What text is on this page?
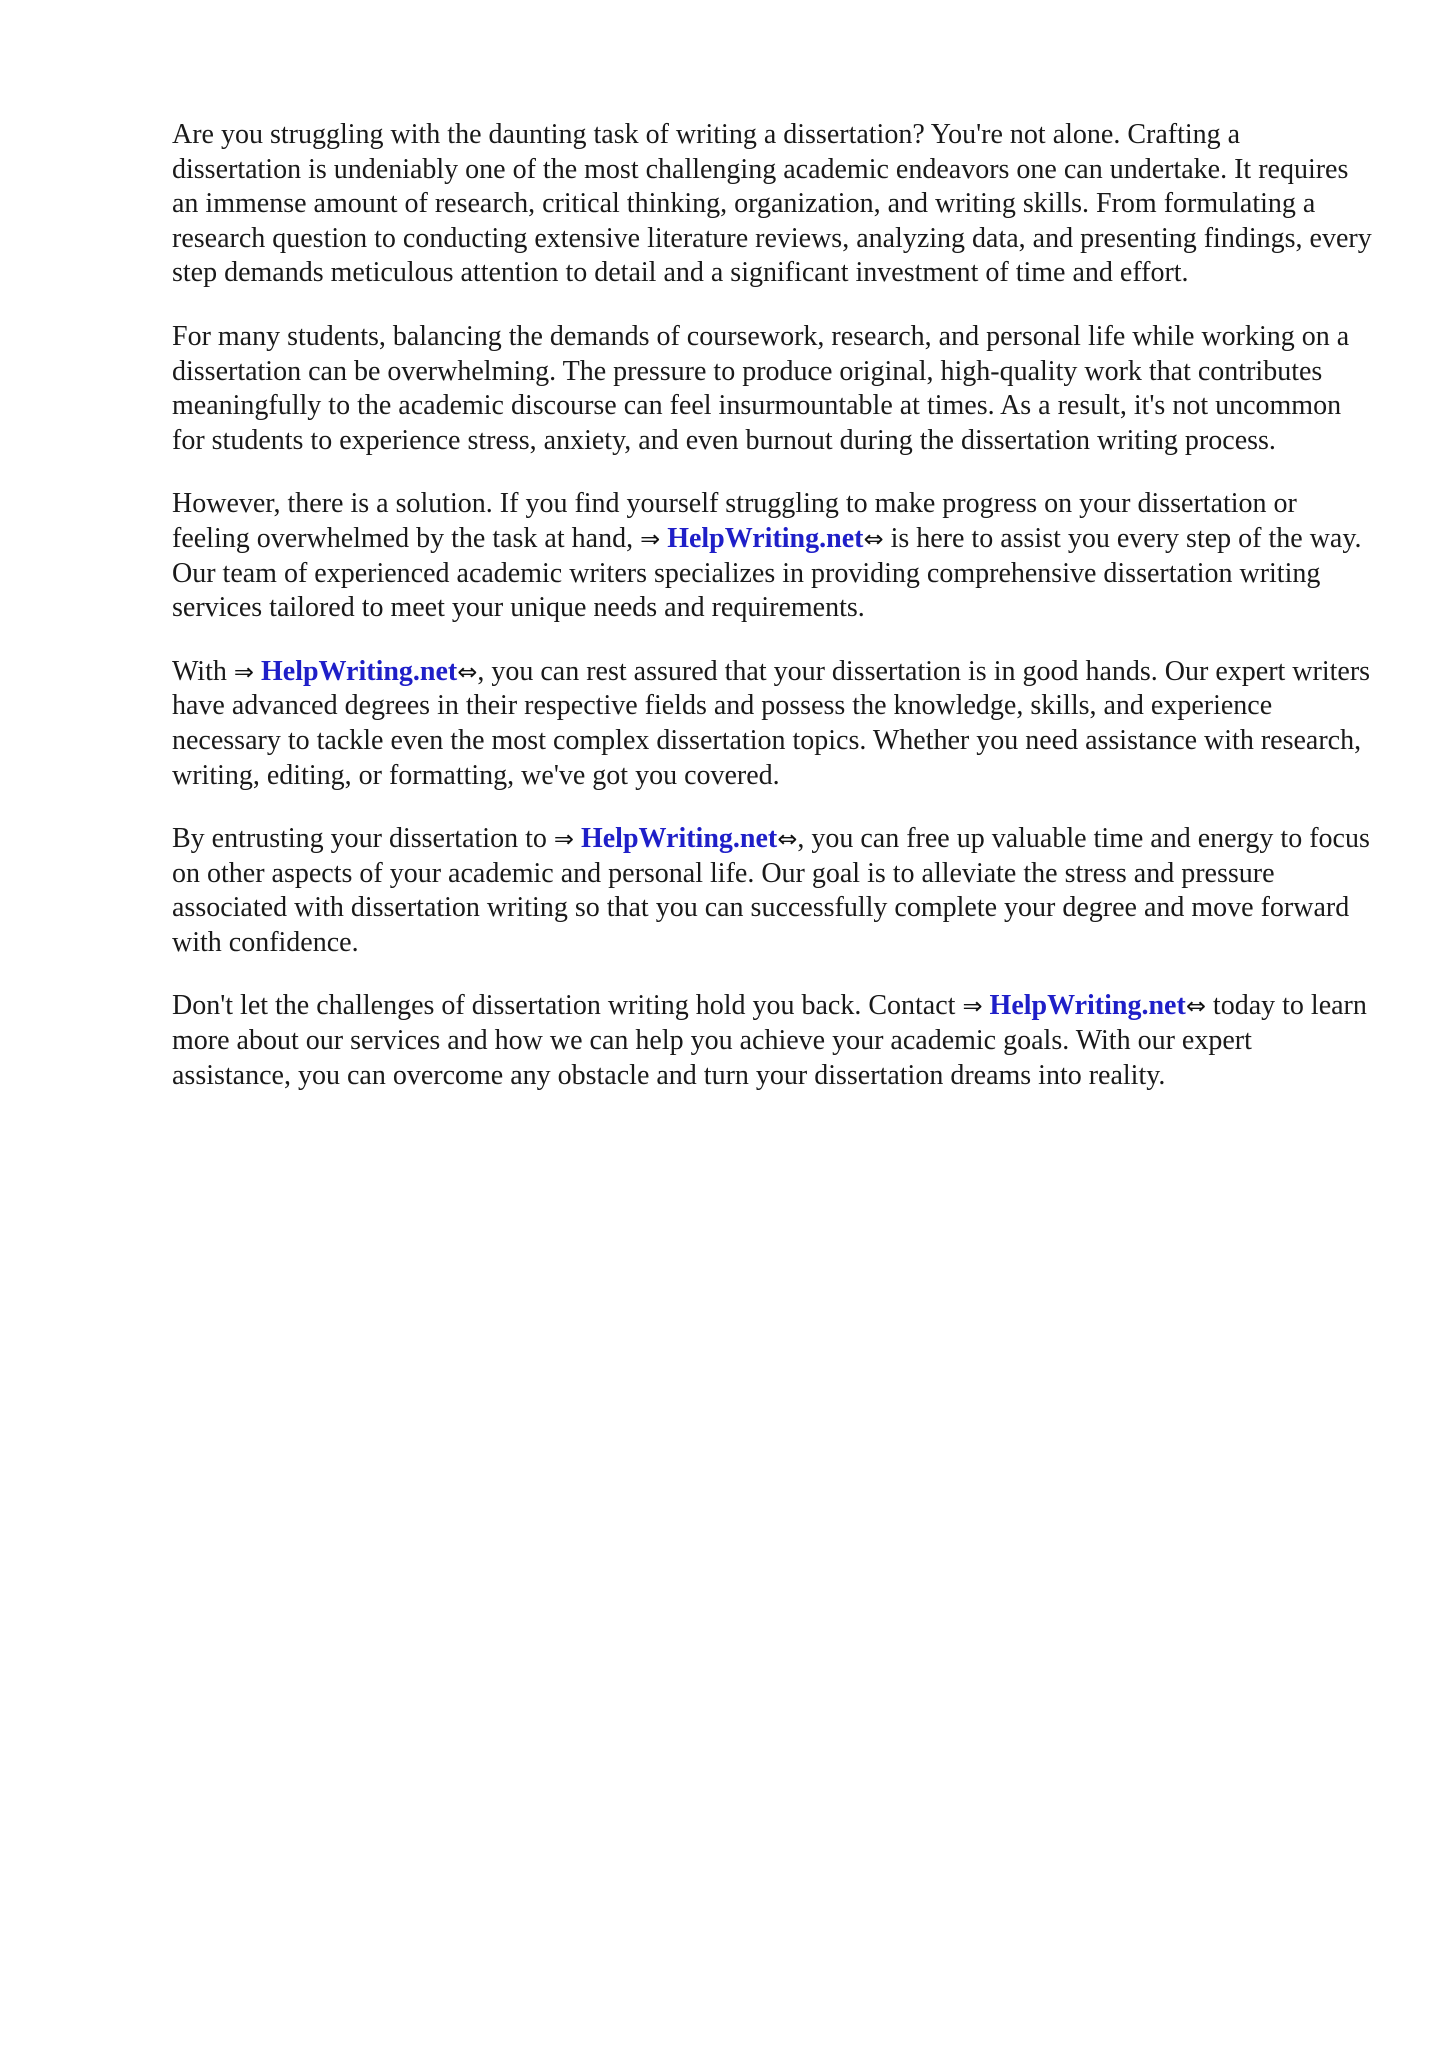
Are you struggling with the daunting task of writing a dissertation? You're not alone. Crafting a dissertation is undeniably one of the most challenging academic endeavors one can undertake. It requires an immense amount of research, critical thinking, organization, and writing skills. From formulating a research question to conducting extensive literature reviews, analyzing data, and presenting findings, every step demands meticulous attention to detail and a significant investment of time and effort.

For many students, balancing the demands of coursework, research, and personal life while working on a dissertation can be overwhelming. The pressure to produce original, high-quality work that contributes meaningfully to the academic discourse can feel insurmountable at times. As a result, it's not uncommon for students to experience stress, anxiety, and even burnout during the dissertation writing process.

However, there is a solution. If you find yourself struggling to make progress on your dissertation or feeling overwhelmed by the task at hand, ⇒ HelpWriting.net⇔ is here to assist you every step of the way. Our team of experienced academic writers specializes in providing comprehensive dissertation writing services tailored to meet your unique needs and requirements.

With ⇒ HelpWriting.net⇔, you can rest assured that your dissertation is in good hands. Our expert writers have advanced degrees in their respective fields and possess the knowledge, skills, and experience necessary to tackle even the most complex dissertation topics. Whether you need assistance with research, writing, editing, or formatting, we've got you covered.

By entrusting your dissertation to ⇒ HelpWriting.net⇔, you can free up valuable time and energy to focus on other aspects of your academic and personal life. Our goal is to alleviate the stress and pressure associated with dissertation writing so that you can successfully complete your degree and move forward with confidence.

Don't let the challenges of dissertation writing hold you back. Contact ⇒ HelpWriting.net⇔ today to learn more about our services and how we can help you achieve your academic goals. With our expert assistance, you can overcome any obstacle and turn your dissertation dreams into reality.
